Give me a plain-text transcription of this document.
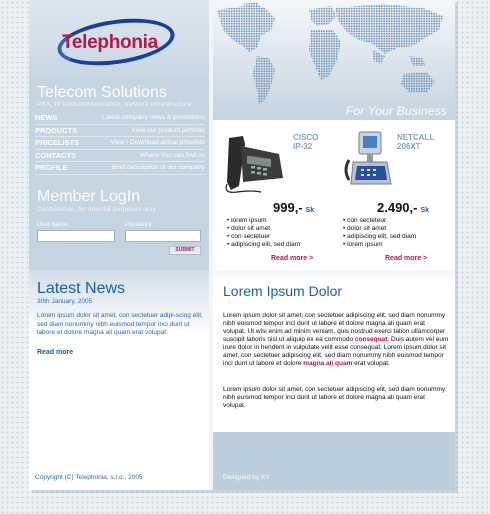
Telephonia
Telecom Solutions
PBX, IP telecommunication, network infrastructure
NEWS	Latest company news & promotions
PRODUCTS	View our product portfolio
PRICELISTS	View / Download actual pricelists
CONTACTS	Where You can find us
PROFILE	Brief description of our company
Member LogIn
Confidential, for internal purposes only
User Name:	Password:
SUBMIT
Latest News
30th January, 2005
Lorem ipsum dolor sit amet, con sectetuer adipi-scing elit, sed diam nonummy nibh euismod tempor inci dunt ut labore et dolore magna ali quam erat volupat.
Read more
Copyright (C) Telephonia, s.r.o., 2005
For Your Business
CISCO
IP-32
999,- Sk
• lorem ipsum
• dolor sit amet
• con sectetuer
• adipiscing elit, sed diam
Read more >
NETCALL
206XT
2.490,- Sk
• con secteteur
• dolor sit amet
• adipiscing elit, sed diam
• lorem ipsum
Read more >
Lorem Ipsum Dolor

Lorem ipsum dolor sit amet, con sectetuer adipiscing elit, sed diam nonummy nibh euismod tempor inci dunt ut labore et dolore magna ali quam erat volupat. Ut wisi enim ad minim veniam, quis nostrud exerci tation ullamcorper suscipit laboris nisl ut aliquip ex ea commodo consequat. Duis autem vel eum irure dolor in henderit in vulputate velit esse consequat. Lorem ipsum dolor sit amet, con sectetuer adipiscing elit, sed diam nonummy nibh euismod tempor inci dunt ut labore et dolore magna ali quam erat volupat.

Lorem ipsum dolor sit amet, con sectetuer adipiscing elit, sed diam nonummy nibh euismod tempor inci dunt ut labore et dolore magna ali quam erat volupat.

Designed by XY
